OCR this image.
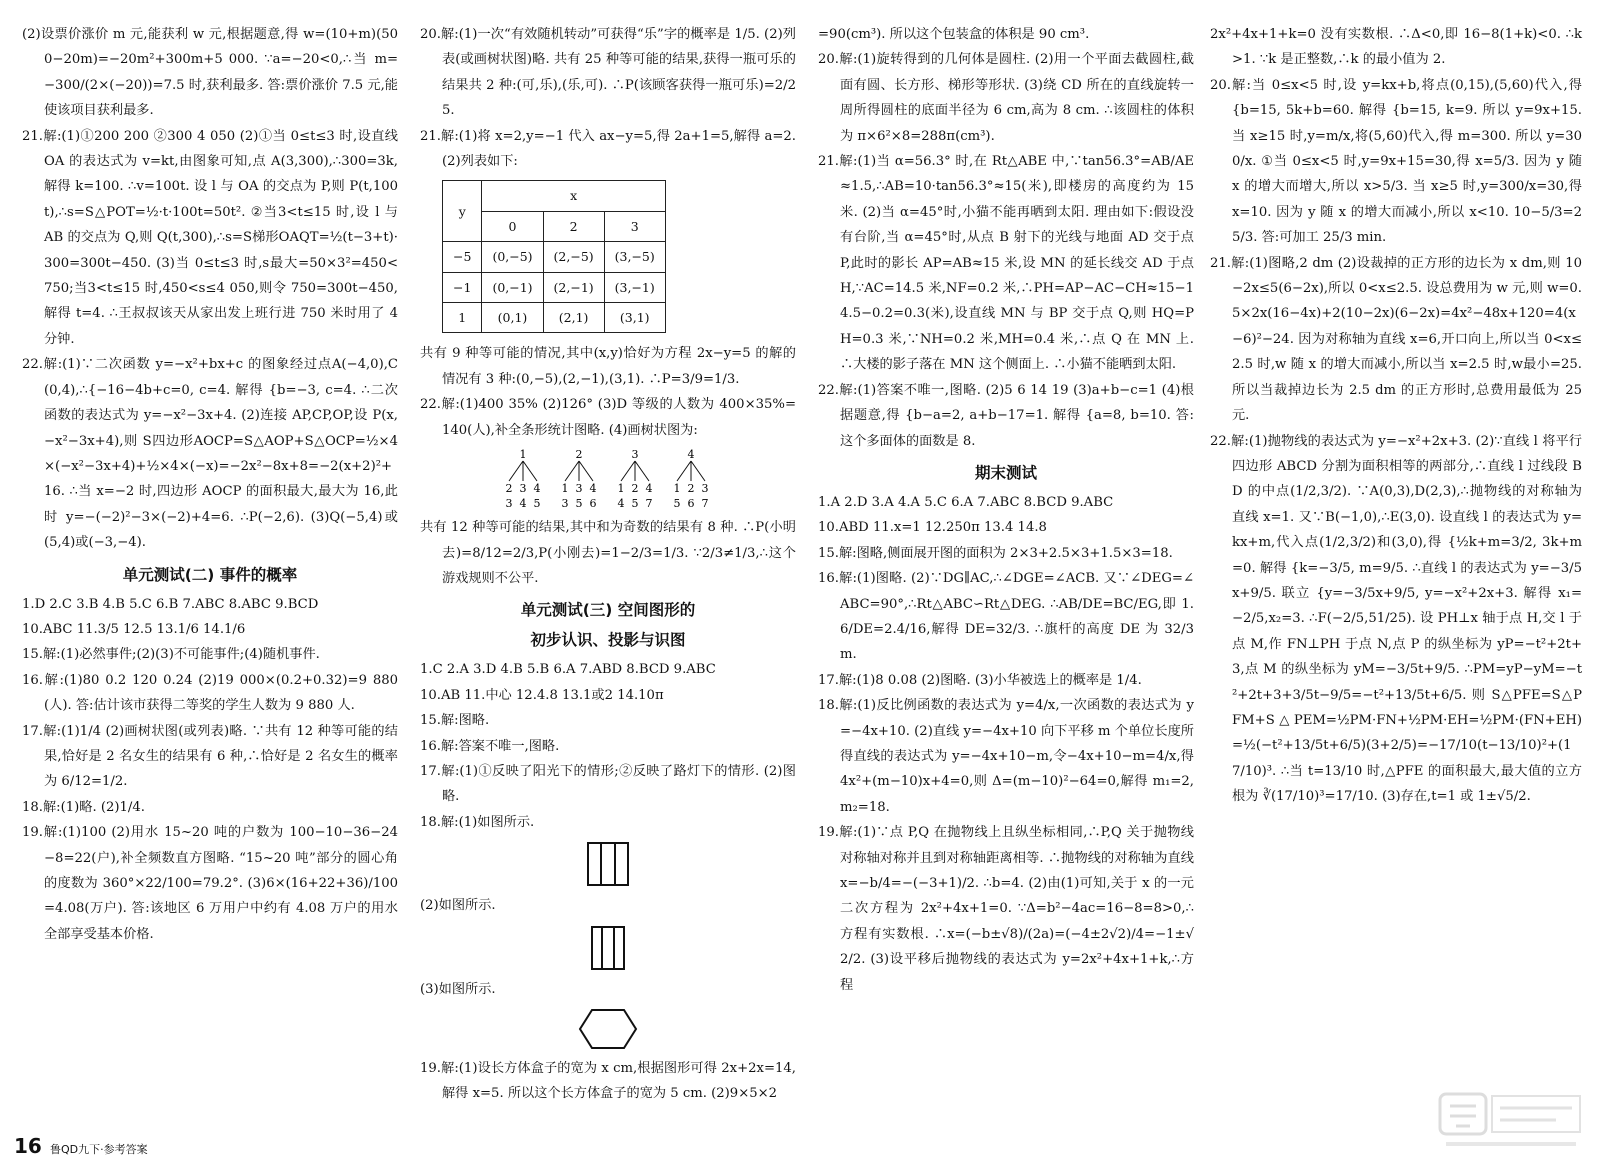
(2)设票价涨价 m 元,能获利 w 元,根据题意,得 w=(10+m)(500−20m)=−20m²+300m+5 000. ∵a=−20<0,∴当 m=−300/(2×(−20))=7.5 时,获利最多. 答:票价涨价 7.5 元,能使该项目获利最多.

21.解:(1)①200 200 ②300 4 050 (2)①当 0≤t≤3 时,设直线 OA 的表达式为 v=kt,由图象可知,点 A(3,300),∴300=3k,解得 k=100. ∴v=100t. 设 l 与 OA 的交点为 P,则 P(t,100t),∴s=S△POT=½·t·100t=50t². ②当3<t≤15 时,设 l 与 AB 的交点为 Q,则 Q(t,300),∴s=S梯形OAQT=½(t−3+t)·300=300t−450. (3)当 0≤t≤3 时,s最大=50×3²=450<750;当3<t≤15 时,450<s≤4 050,则令 750=300t−450,解得 t=4. ∴王叔叔该天从家出发上班行进 750 米时用了 4 分钟.

22.解:(1)∵二次函数 y=−x²+bx+c 的图象经过点A(−4,0),C(0,4),∴{−16−4b+c=0, c=4. 解得 {b=−3, c=4. ∴二次函数的表达式为 y=−x²−3x+4. (2)连接 AP,CP,OP,设 P(x,−x²−3x+4),则 S四边形AOCP=S△AOP+S△OCP=½×4×(−x²−3x+4)+½×4×(−x)=−2x²−8x+8=−2(x+2)²+16. ∴当 x=−2 时,四边形 AOCP 的面积最大,最大为 16,此时 y=−(−2)²−3×(−2)+4=6. ∴P(−2,6). (3)Q(−5,4)或(5,4)或(−3,−4).

单元测试(二) 事件的概率

1.D 2.C 3.B 4.B 5.C 6.B 7.ABC 8.ABC 9.BCD

10.ABC 11.3/5 12.5 13.1/6 14.1/6

15.解:(1)必然事件;(2)(3)不可能事件;(4)随机事件.

16.解:(1)80 0.2 120 0.24 (2)19 000×(0.2+0.32)=9 880(人). 答:估计该市获得二等奖的学生人数为 9 880 人.

17.解:(1)1/4 (2)画树状图(或列表)略. ∵共有 12 种等可能的结果,恰好是 2 名女生的结果有 6 种,∴恰好是 2 名女生的概率为 6/12=1/2.

18.解:(1)略. (2)1/4.

19.解:(1)100 (2)用水 15~20 吨的户数为 100−10−36−24−8=22(户),补全频数直方图略. “15~20 吨”部分的圆心角的度数为 360°×22/100=79.2°. (3)6×(16+22+36)/100=4.08(万户). 答:该地区 6 万用户中约有 4.08 万户的用水全部享受基本价格.

20.解:(1)一次“有效随机转动”可获得“乐”字的概率是 1/5. (2)列表(或画树状图)略. 共有 25 种等可能的结果,获得一瓶可乐的结果共 2 种:(可,乐),(乐,可). ∴P(该顾客获得一瓶可乐)=2/25.

21.解:(1)将 x=2,y=−1 代入 ax−y=5,得 2a+1=5,解得 a=2. (2)列表如下:

y	x		
	0	2	3
−5	(0,−5)	(2,−5)	(3,−5)
−1	(0,−1)	(2,−1)	(3,−1)
1	(0,1)	(2,1)	(3,1)

共有 9 种等可能的情况,其中(x,y)恰好为方程 2x−y=5 的解的情况有 3 种:(0,−5),(2,−1),(3,1). ∴P=3/9=1/3.

22.解:(1)400 35% (2)126° (3)D 等级的人数为 400×35%=140(人),补全条形统计图略. (4)画树状图为:

1
2
3
3
4
4
5
2
1
3
3
5
4
6
3
1
4
2
5
4
7
4
1
5
2
6
3
7

共有 12 种等可能的结果,其中和为奇数的结果有 8 种. ∴P(小明去)=8/12=2/3,P(小刚去)=1−2/3=1/3. ∵2/3≠1/3,∴这个游戏规则不公平.

单元测试(三) 空间图形的
初步认识、投影与识图

1.C 2.A 3.D 4.B 5.B 6.A 7.ABD 8.BCD 9.ABC

10.AB 11.中心 12.4.8 13.1或2 14.10π

15.解:图略.

16.解:答案不唯一,图略.

17.解:(1)①反映了阳光下的情形;②反映了路灯下的情形. (2)图略.

18.解:(1)如图所示.

(2)如图所示.

(3)如图所示.

19.解:(1)设长方体盒子的宽为 x cm,根据图形可得 2x+2x=14,解得 x=5. 所以这个长方体盒子的宽为 5 cm. (2)9×5×2

=90(cm³). 所以这个包装盒的体积是 90 cm³.

20.解:(1)旋转得到的几何体是圆柱. (2)用一个平面去截圆柱,截面有圆、长方形、梯形等形状. (3)绕 CD 所在的直线旋转一周所得圆柱的底面半径为 6 cm,高为 8 cm. ∴该圆柱的体积为 π×6²×8=288π(cm³).

21.解:(1)当 α=56.3° 时,在 Rt△ABE 中,∵tan56.3°=AB/AE≈1.5,∴AB=10·tan56.3°≈15(米),即楼房的高度约为 15 米. (2)当 α=45°时,小猫不能再晒到太阳. 理由如下:假设没有台阶,当 α=45°时,从点 B 射下的光线与地面 AD 交于点 P,此时的影长 AP=AB≈15 米,设 MN 的延长线交 AD 于点 H,∵AC=14.5 米,NF=0.2 米,∴PH=AP−AC−CH≈15−14.5−0.2=0.3(米),设直线 MN 与 BP 交于点 Q,则 HQ=PH=0.3 米,∵NH=0.2 米,MH=0.4 米,∴点 Q 在 MN 上. ∴大楼的影子落在 MN 这个侧面上. ∴小猫不能晒到太阳.

22.解:(1)答案不唯一,图略. (2)5 6 14 19 (3)a+b−c=1 (4)根据题意,得 {b−a=2, a+b−17=1. 解得 {a=8, b=10. 答:这个多面体的面数是 8.

期末测试

1.A 2.D 3.A 4.A 5.C 6.A 7.ABC 8.BCD 9.ABC

10.ABD 11.x=1 12.250π 13.4 14.8

15.解:图略,侧面展开图的面积为 2×3+2.5×3+1.5×3=18.

16.解:(1)图略. (2)∵DG∥AC,∴∠DGE=∠ACB. 又∵∠DEG=∠ABC=90°,∴Rt△ABC∽Rt△DEG. ∴AB/DE=BC/EG,即 1.6/DE=2.4/16,解得 DE=32/3. ∴旗杆的高度 DE 为 32/3 m.

17.解:(1)8 0.08 (2)图略. (3)小华被选上的概率是 1/4.

18.解:(1)反比例函数的表达式为 y=4/x,一次函数的表达式为 y=−4x+10. (2)直线 y=−4x+10 向下平移 m 个单位长度所得直线的表达式为 y=−4x+10−m,令−4x+10−m=4/x,得 4x²+(m−10)x+4=0,则 Δ=(m−10)²−64=0,解得 m₁=2,m₂=18.

19.解:(1)∵点 P,Q 在抛物线上且纵坐标相同,∴P,Q 关于抛物线对称轴对称并且到对称轴距离相等. ∴抛物线的对称轴为直线 x=−b/4=−(−3+1)/2. ∴b=4. (2)由(1)可知,关于 x 的一元二次方程为 2x²+4x+1=0. ∵Δ=b²−4ac=16−8=8>0,∴方程有实数根. ∴x=(−b±√8)/(2a)=(−4±2√2)/4=−1±√2/2. (3)设平移后抛物线的表达式为 y=2x²+4x+1+k,∴方程

2x²+4x+1+k=0 没有实数根. ∴Δ<0,即 16−8(1+k)<0. ∴k>1. ∵k 是正整数,∴k 的最小值为 2.

20.解:当 0≤x<5 时,设 y=kx+b,将点(0,15),(5,60)代入,得 {b=15, 5k+b=60. 解得 {b=15, k=9. 所以 y=9x+15. 当 x≥15 时,y=m/x,将(5,60)代入,得 m=300. 所以 y=300/x. ①当 0≤x<5 时,y=9x+15=30,得 x=5/3. 因为 y 随 x 的增大而增大,所以 x>5/3. 当 x≥5 时,y=300/x=30,得 x=10. 因为 y 随 x 的增大而减小,所以 x<10. 10−5/3=25/3. 答:可加工 25/3 min.

21.解:(1)图略,2 dm (2)设裁掉的正方形的边长为 x dm,则 10−2x≤5(6−2x),所以 0<x≤2.5. 设总费用为 w 元,则 w=0.5×2x(16−4x)+2(10−2x)(6−2x)=4x²−48x+120=4(x−6)²−24. 因为对称轴为直线 x=6,开口向上,所以当 0<x≤2.5 时,w 随 x 的增大而减小,所以当 x=2.5 时,w最小=25. 所以当裁掉边长为 2.5 dm 的正方形时,总费用最低为 25 元.

22.解:(1)抛物线的表达式为 y=−x²+2x+3. (2)∵直线 l 将平行四边形 ABCD 分割为面积相等的两部分,∴直线 l 过线段 BD 的中点(1/2,3/2). ∵A(0,3),D(2,3),∴抛物线的对称轴为直线 x=1. 又∵B(−1,0),∴E(3,0). 设直线 l 的表达式为 y=kx+m,代入点(1/2,3/2)和(3,0),得 {½k+m=3/2, 3k+m=0. 解得 {k=−3/5, m=9/5. ∴直线 l 的表达式为 y=−3/5x+9/5. 联立 {y=−3/5x+9/5, y=−x²+2x+3. 解得 x₁=−2/5,x₂=3. ∴F(−2/5,51/25). 设 PH⊥x 轴于点 H,交 l 于点 M,作 FN⊥PH 于点 N,点 P 的纵坐标为 yP=−t²+2t+3,点 M 的纵坐标为 yM=−3/5t+9/5. ∴PM=yP−yM=−t²+2t+3+3/5t−9/5=−t²+13/5t+6/5. 则 S△PFE=S△PFM+S△PEM=½PM·FN+½PM·EH=½PM·(FN+EH)=½(−t²+13/5t+6/5)(3+2/5)=−17/10(t−13/10)²+(17/10)³. ∴当 t=13/10 时,△PFE 的面积最大,最大值的立方根为 ∛(17/10)³=17/10. (3)存在,t=1 或 1±√5/2.

16 鲁QD九下·参考答案
